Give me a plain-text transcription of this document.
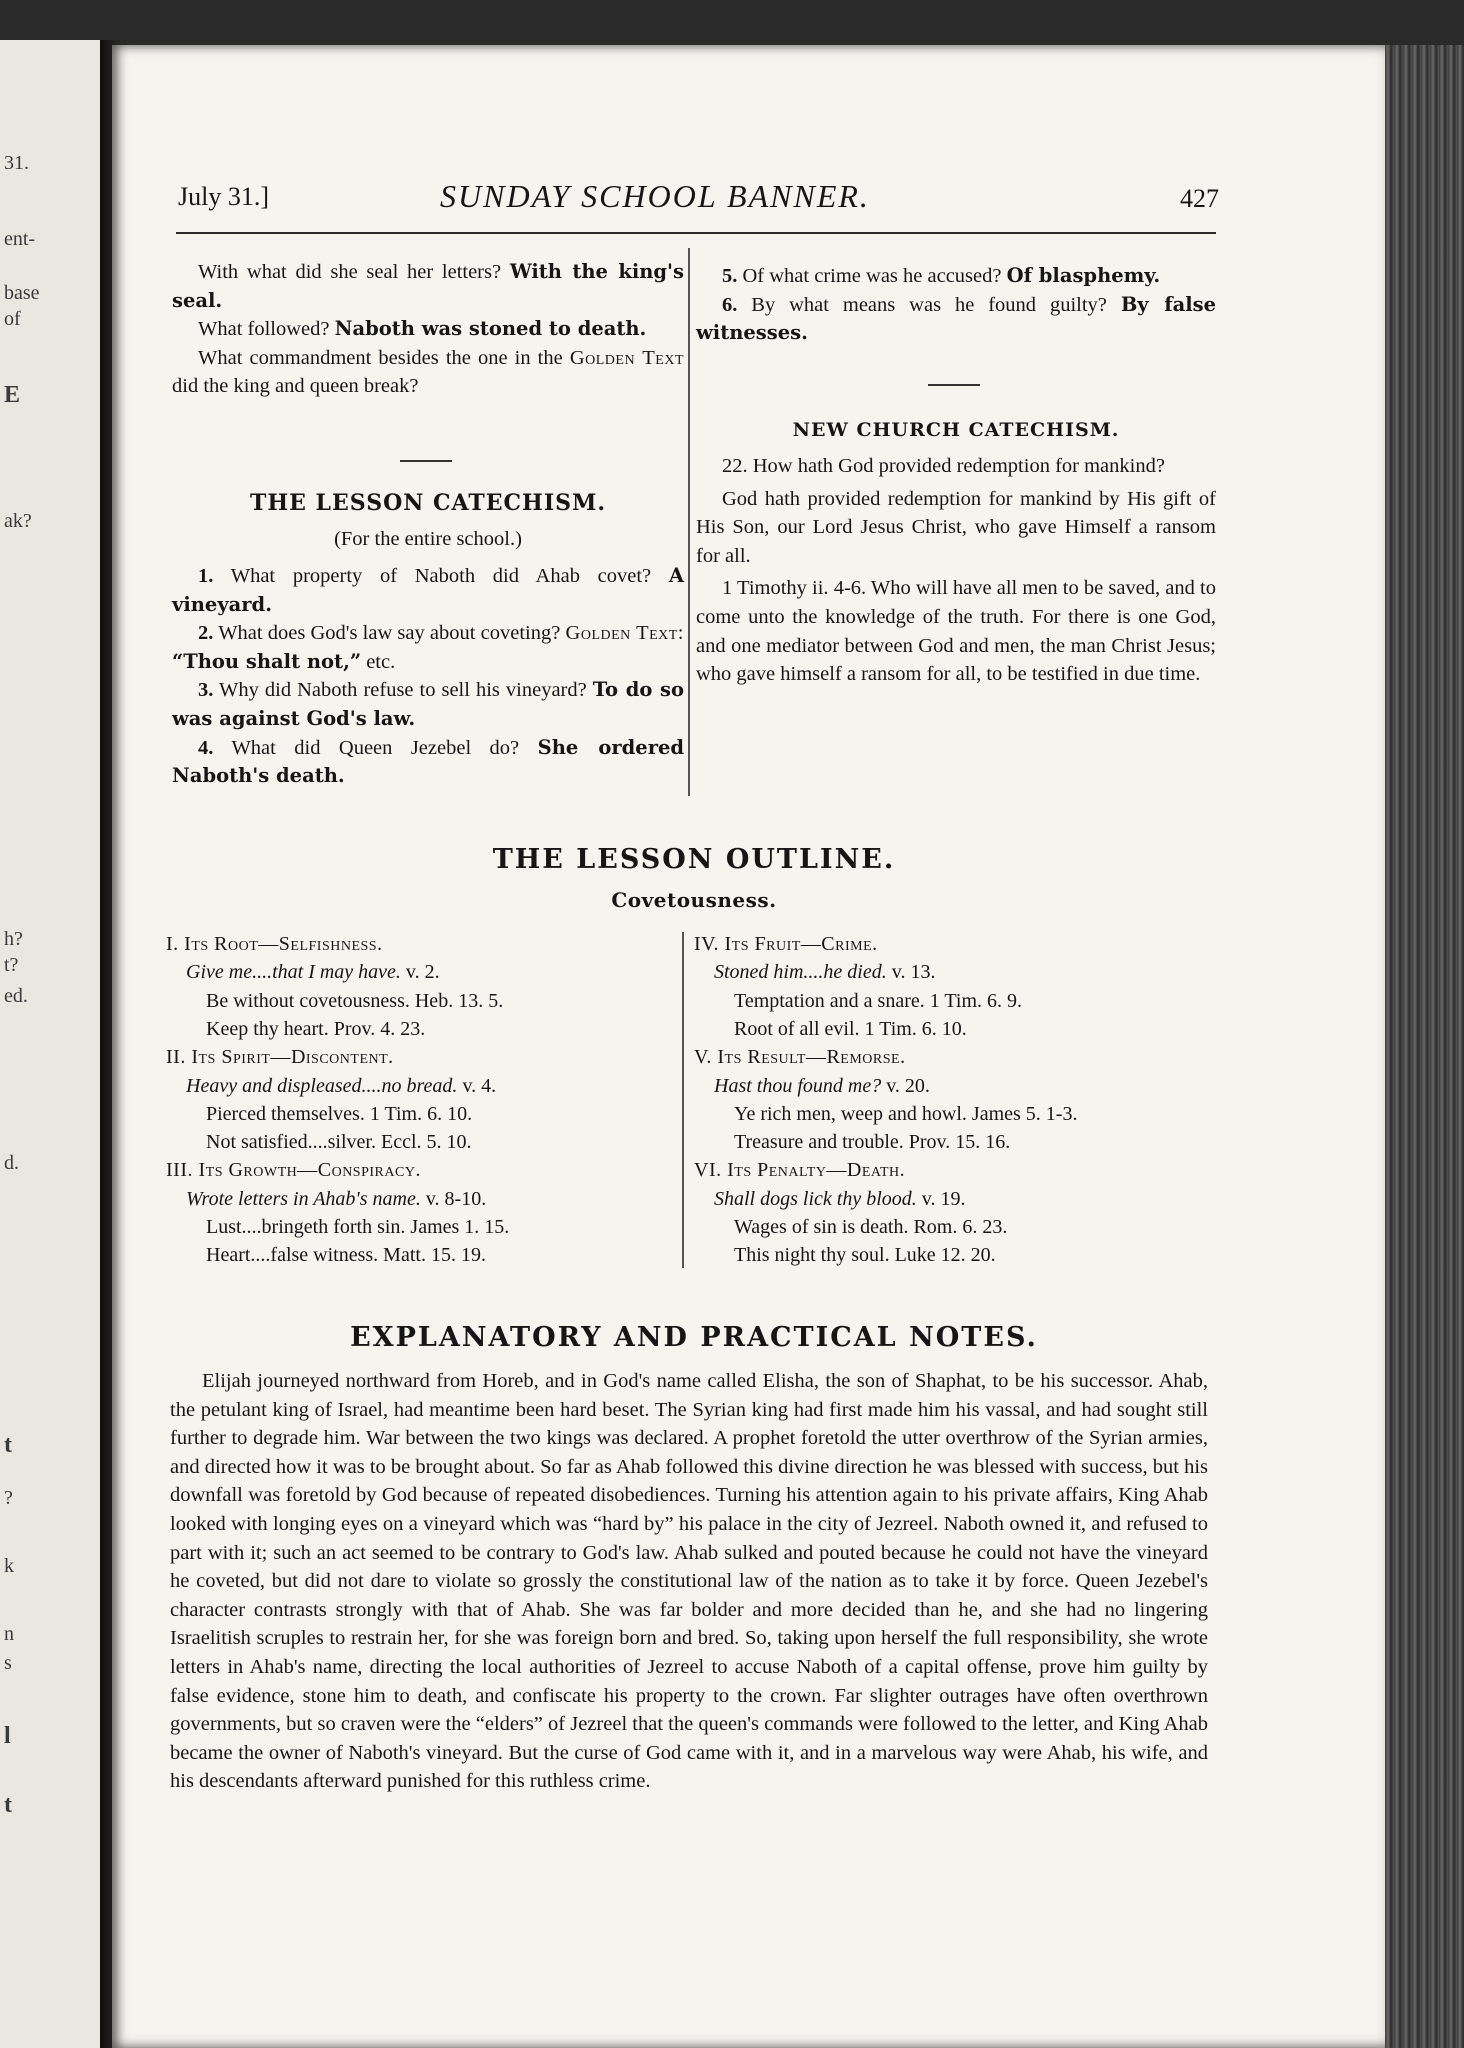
31.
ent-
base
of
E
ak?
h?
t?
ed.
d.
t
?
k
n
s
l
t
July 31.]	SUNDAY SCHOOL BANNER.	427

With what did she seal her letters? With the king's seal.

What followed? Naboth was stoned to death.

What commandment besides the one in the Golden Text did the king and queen break?

THE LESSON CATECHISM.
(For the entire school.)

1. What property of Naboth did Ahab covet? A vineyard.

2. What does God's law say about coveting? Golden Text: “Thou shalt not,” etc.

3. Why did Naboth refuse to sell his vineyard? To do so was against God's law.

4. What did Queen Jezebel do? She ordered Naboth's death.

5. Of what crime was he accused? Of blasphemy.

6. By what means was he found guilty? By false witnesses.

NEW CHURCH CATECHISM.

22. How hath God provided redemption for mankind?

God hath provided redemption for mankind by His gift of His Son, our Lord Jesus Christ, who gave Himself a ransom for all.

1 Timothy ii. 4-6. Who will have all men to be saved, and to come unto the knowledge of the truth. For there is one God, and one mediator between God and men, the man Christ Jesus; who gave himself a ransom for all, to be testified in due time.

THE LESSON OUTLINE.
Covetousness.
I. Its Root—Selfishness.
Give me....that I may have. v. 2.
Be without covetousness. Heb. 13. 5.
Keep thy heart. Prov. 4. 23.
II. Its Spirit—Discontent.
Heavy and displeased....no bread. v. 4.
Pierced themselves. 1 Tim. 6. 10.
Not satisfied....silver. Eccl. 5. 10.
III. Its Growth—Conspiracy.
Wrote letters in Ahab's name. v. 8-10.
Lust....bringeth forth sin. James 1. 15.
Heart....false witness. Matt. 15. 19.
IV. Its Fruit—Crime.
Stoned him....he died. v. 13.
Temptation and a snare. 1 Tim. 6. 9.
Root of all evil. 1 Tim. 6. 10.
V. Its Result—Remorse.
Hast thou found me? v. 20.
Ye rich men, weep and howl. James 5. 1-3.
Treasure and trouble. Prov. 15. 16.
VI. Its Penalty—Death.
Shall dogs lick thy blood. v. 19.
Wages of sin is death. Rom. 6. 23.
This night thy soul. Luke 12. 20.
EXPLANATORY AND PRACTICAL NOTES.

Elijah journeyed northward from Horeb, and in God's name called Elisha, the son of Shaphat, to be his successor. Ahab, the petulant king of Israel, had meantime been hard beset. The Syrian king had first made him his vassal, and had sought still further to degrade him. War between the two kings was declared. A prophet foretold the utter overthrow of the Syrian armies, and directed how it was to be brought about. So far as Ahab followed this divine direction he was blessed with success, but his downfall was foretold by God because of repeated disobediences. Turning his attention again to his private affairs, King Ahab looked with longing eyes on a vineyard which was “hard by” his palace in the city of Jezreel. Naboth owned it, and refused to part with it; such an act seemed to be contrary to God's law. Ahab sulked and pouted because he could not have the vineyard he coveted, but did not dare to violate so grossly the constitutional law of the nation as to take it by force. Queen Jezebel's character contrasts strongly with that of Ahab. She was far bolder and more decided than he, and she had no lingering Israelitish scruples to restrain her, for she was foreign born and bred. So, taking upon herself the full responsibility, she wrote letters in Ahab's name, directing the local authorities of Jezreel to accuse Naboth of a capital offense, prove him guilty by false evidence, stone him to death, and confiscate his property to the crown. Far slighter outrages have often overthrown governments, but so craven were the “elders” of Jezreel that the queen's commands were followed to the letter, and King Ahab became the owner of Naboth's vineyard. But the curse of God came with it, and in a marvelous way were Ahab, his wife, and his descendants afterward punished for this ruthless crime.
